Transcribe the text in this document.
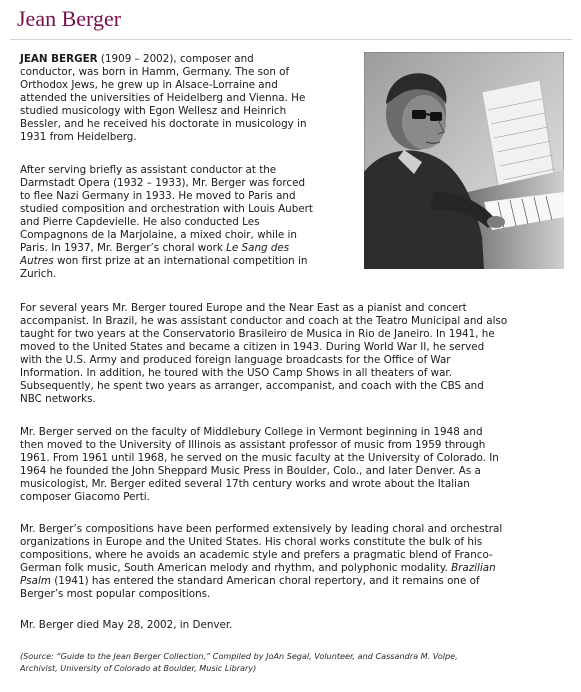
Jean Berger

JEAN BERGER (1909 – 2002), composer and
conductor, was born in Hamm, Germany. The son of
Orthodox Jews, he grew up in Alsace-Lorraine and
attended the universities of Heidelberg and Vienna. He
studied musicology with Egon Wellesz and Heinrich
Bessler, and he received his doctorate in musicology in
1931 from Heidelberg.

After serving briefly as assistant conductor at the
Darmstadt Opera (1932 – 1933), Mr. Berger was forced
to flee Nazi Germany in 1933. He moved to Paris and
studied composition and orchestration with Louis Aubert
and Pierre Capdevielle. He also conducted Les
Compagnons de la Marjolaine, a mixed choir, while in
Paris. In 1937, Mr. Berger’s choral work Le Sang des
Autres won first prize at an international competition in
Zurich.

For several years Mr. Berger toured Europe and the Near East as a pianist and concert
accompanist. In Brazil, he was assistant conductor and coach at the Teatro Municipal and also
taught for two years at the Conservatorio Brasileiro de Musica in Rio de Janeiro. In 1941, he
moved to the United States and became a citizen in 1943. During World War II, he served
with the U.S. Army and produced foreign language broadcasts for the Office of War
Information. In addition, he toured with the USO Camp Shows in all theaters of war.
Subsequently, he spent two years as arranger, accompanist, and coach with the CBS and
NBC networks.

Mr. Berger served on the faculty of Middlebury College in Vermont beginning in 1948 and
then moved to the University of Illinois as assistant professor of music from 1959 through
1961. From 1961 until 1968, he served on the music faculty at the University of Colorado. In
1964 he founded the John Sheppard Music Press in Boulder, Colo., and later Denver. As a
musicologist, Mr. Berger edited several 17th century works and wrote about the Italian
composer Giacomo Perti.

Mr. Berger’s compositions have been performed extensively by leading choral and orchestral
organizations in Europe and the United States. His choral works constitute the bulk of his
compositions, where he avoids an academic style and prefers a pragmatic blend of Franco-
German folk music, South American melody and rhythm, and polyphonic modality. Brazilian
Psalm (1941) has entered the standard American choral repertory, and it remains one of
Berger’s most popular compositions.

Mr. Berger died May 28, 2002, in Denver.

(Source: “Guide to the Jean Berger Collection,” Compiled by JoAn Segal, Volunteer, and Cassandra M. Volpe,
Archivist, University of Colorado at Boulder, Music Library)
